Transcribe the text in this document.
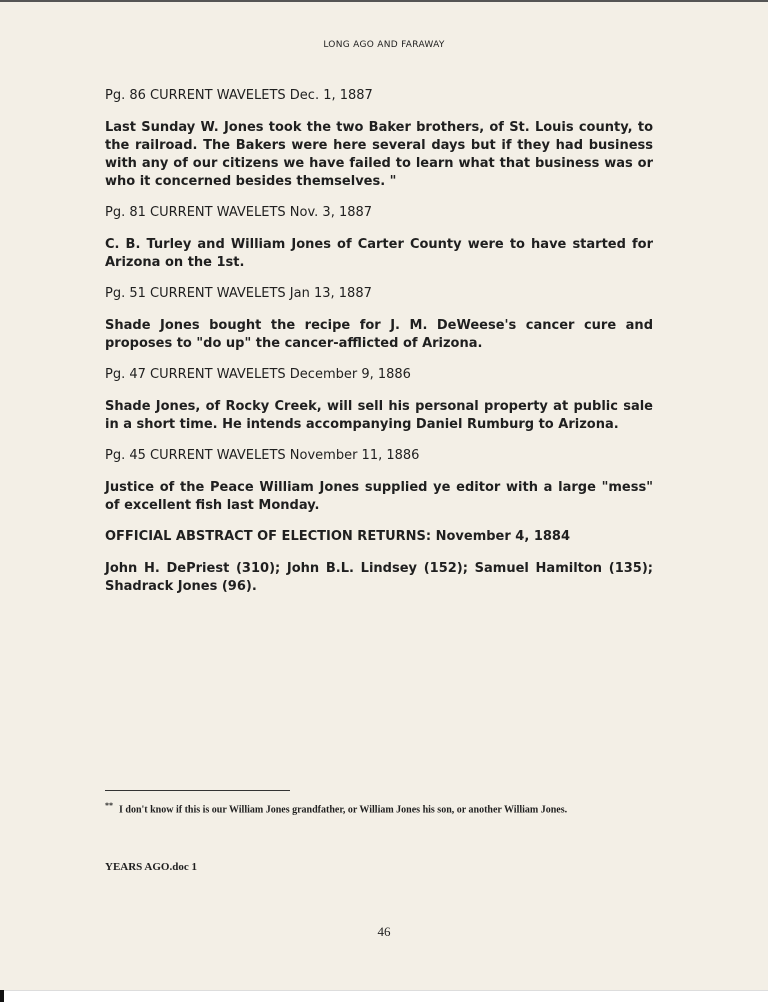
LONG AGO AND FARAWAY
Pg. 86 CURRENT WAVELETS Dec. 1, 1887
Last Sunday W. Jones took the two Baker brothers, of St. Louis county, to the railroad. The Bakers were here several days but if they had business with any of our citizens we have failed to learn what that business was or who it concerned besides themselves. "
Pg. 81 CURRENT WAVELETS Nov. 3, 1887
C. B. Turley and William Jones of Carter County were to have started for Arizona on the 1st.
Pg. 51 CURRENT WAVELETS Jan 13, 1887
Shade Jones bought the recipe for J. M. DeWeese's cancer cure and proposes to "do up" the cancer-afflicted of Arizona.
Pg. 47 CURRENT WAVELETS December 9, 1886
Shade Jones, of Rocky Creek, will sell his personal property at public sale in a short time. He intends accompanying Daniel Rumburg to Arizona.
Pg. 45 CURRENT WAVELETS November 11, 1886
Justice of the Peace William Jones supplied ye editor with a large "mess" of excellent fish last Monday.
OFFICIAL ABSTRACT OF ELECTION RETURNS: November 4, 1884
John H. DePriest (310); John B.L. Lindsey (152); Samuel Hamilton (135); Shadrack Jones (96).
** I don't know if this is our William Jones grandfather, or William Jones his son, or another William Jones.
YEARS AGO.doc 1
46
